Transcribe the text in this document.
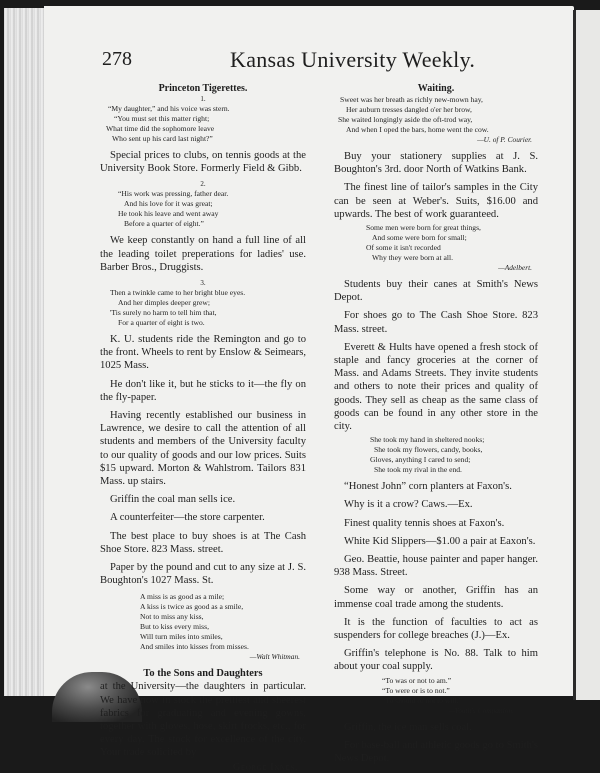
278	Kansas University Weekly.
Princeton Tigerettes.
1.
“My daughter,” and his voice was stern.
“You must set this matter right;
What time did the sophomore leave
Who sent up his card last night?”

Special prices to clubs, on tennis goods at the University Book Store. Formerly Field & Gibb.

2.
“His work was pressing, father dear.
And his love for it was great;
He took his leave and went away
Before a quarter of eight.”

We keep constantly on hand a full line of all the leading toilet preperations for ladies' use. Barber Bros., Druggists.

3.
Then a twinkle came to her bright blue eyes.
And her dimples deeper grew;
'Tis surely no harm to tell him that,
For a quarter of eight is two.

K. U. students ride the Remington and go to the front. Wheels to rent by Enslow & Seimears, 1025 Mass.

He don't like it, but he sticks to it—the fly on the fly-paper.

Having recently established our business in Lawrence, we desire to call the attention of all students and members of the University faculty to our quality of goods and our low prices. Suits $15 upward. Morton & Wahlstrom. Tailors 831 Mass. up stairs.

Griffin the coal man sells ice.

A counterfeiter—the store carpenter.

The best place to buy shoes is at The Cash Shoe Store. 823 Mass. street.

Paper by the pound and cut to any size at J. S. Boughton's 1027 Mass. St.

A miss is as good as a mile;
A kiss is twice as good as a smile,
Not to miss any kiss,
But to kiss every miss,
Will turn miles into smiles,
And smiles into kisses from misses.
—Walt Whitman.
To the Sons and Daughters

at the University—the daughters in particular. We have now in stock the prettiest and sheerest fabrics for graduating and evening gowns, together with gloves, hose, skirt frocks, etc., for every day. The stock for excellence of the city. Your trade solicited by

George Innes.
Waiting.
Sweet was her breath as richly new-mown hay,
Her auburn tresses dangled o'er her brow,
She waited longingly aside the oft-trod way,
And when I oped the bars, home went the cow.
—U. of P. Courier.

Buy your stationery supplies at J. S. Boughton's 3rd. door North of Watkins Bank.

The finest line of tailor's samples in the City can be seen at Weber's. Suits, $16.00 and upwards. The best of work guaranteed.

Some men were born for great things,
And some were born for small;
Of some it isn't recorded
Why they were born at all.
—Adelbert.

Students buy their canes at Smith's News Depot.

For shoes go to The Cash Shoe Store. 823 Mass. street.

Everett & Hults have opened a fresh stock of staple and fancy groceries at the corner of Mass. and Adams Streets. They invite students and others to note their prices and quality of goods. They sell as cheap as the same class of goods can be found in any other store in the city.

She took my hand in sheltered nooks;
She took my flowers, candy, books,
Gloves, anything I cared to send;
She took my rival in the end.

“Honest John” corn planters at Faxon's.

Why is it a crow? Caws.—Ex.

Finest quality tennis shoes at Faxon's.

White Kid Slippers—$1.00 a pair at Eaxon's.

Geo. Beattie, house painter and paper hanger. 938 Mass. Street.

Some way or another, Griffin has an immense coal trade among the students.

It is the function of faculties to act as suspenders for college breaches (J.)—Ex.

Griffin's telephone is No. 88. Talk to him about your coal supply.

“To was or not to am.”
“To were or is to not.”
“To should or not to will.”
—Youth's Companion.

Griffin, the ice man sells coal.

For base-ball and athletic goods go to Smith's News Depot.
